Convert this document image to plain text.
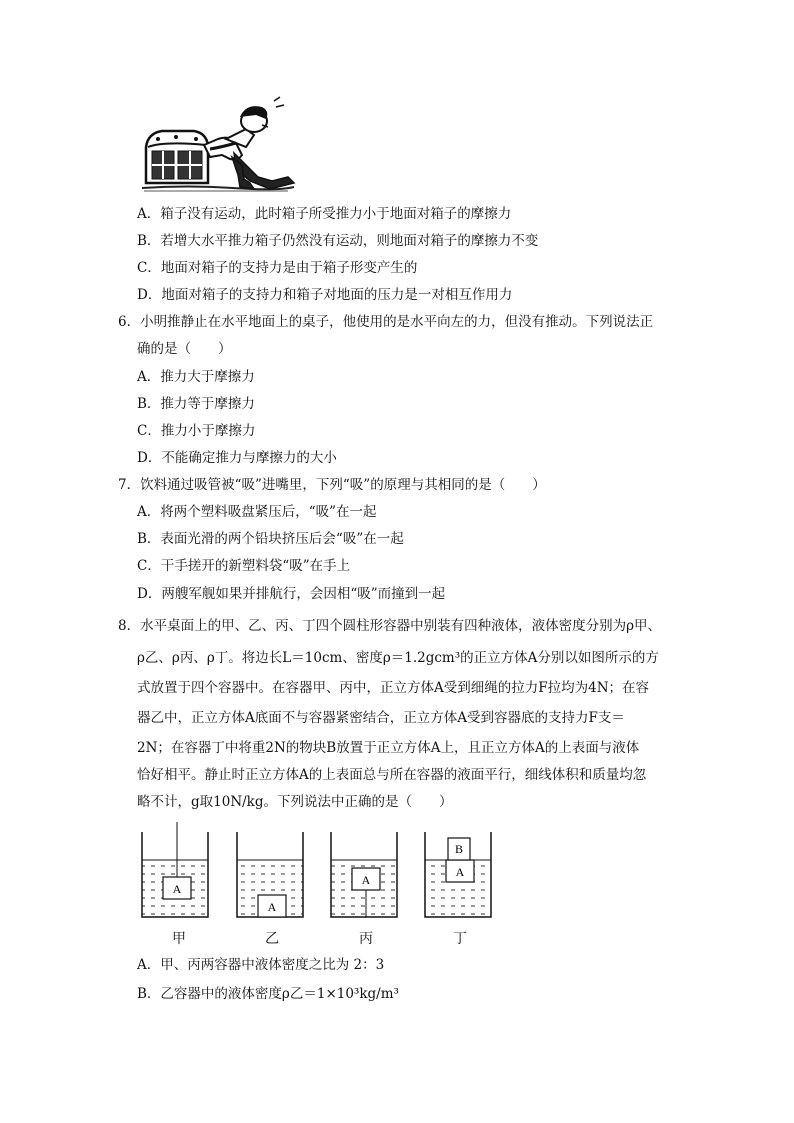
A．箱子没有运动，此时箱子所受推力小于地面对箱子的摩擦力
B．若增大水平推力箱子仍然没有运动，则地面对箱子的摩擦力不变
C．地面对箱子的支持力是由于箱子形变产生的
D．地面对箱子的支持力和箱子对地面的压力是一对相互作用力
6．小明推静止在水平地面上的桌子，他使用的是水平向左的力，但没有推动。下列说法正
确的是（　　）
A．推力大于摩擦力
B．推力等于摩擦力
C．推力小于摩擦力
D．不能确定推力与摩擦力的大小
7．饮料通过吸管被“吸”进嘴里，下列“吸”的原理与其相同的是（　　）
A．将两个塑料吸盘紧压后，“吸”在一起
B．表面光滑的两个铅块挤压后会“吸”在一起
C．干手搓开的新塑料袋“吸”在手上
D．两艘军舰如果并排航行，会因相“吸”而撞到一起
8．水平桌面上的甲、乙、丙、丁四个圆柱形容器中别装有四种液体，液体密度分别为ρ甲、
ρ乙、ρ丙、ρ丁。将边长L＝10cm、密度ρ＝1.2gcm³的正立方体A分别以如图所示的方
式放置于四个容器中。在容器甲、丙中，正立方体A受到细绳的拉力F拉均为4N；在容
器乙中，正立方体A底面不与容器紧密结合，正立方体A受到容器底的支持力F支＝
2N；在容器丁中将重2N的物块B放置于正立方体A上，且正立方体A的上表面与液体
恰好相平。静止时正立方体A的上表面总与所在容器的液面平行，细线体积和质量均忽
略不计，g取10N/kg。下列说法中正确的是（　　）
A
A
A
A
B
甲	乙	丙	丁
A．甲、丙两容器中液体密度之比为 2：3
B．乙容器中的液体密度ρ乙＝1×10³kg/m³
